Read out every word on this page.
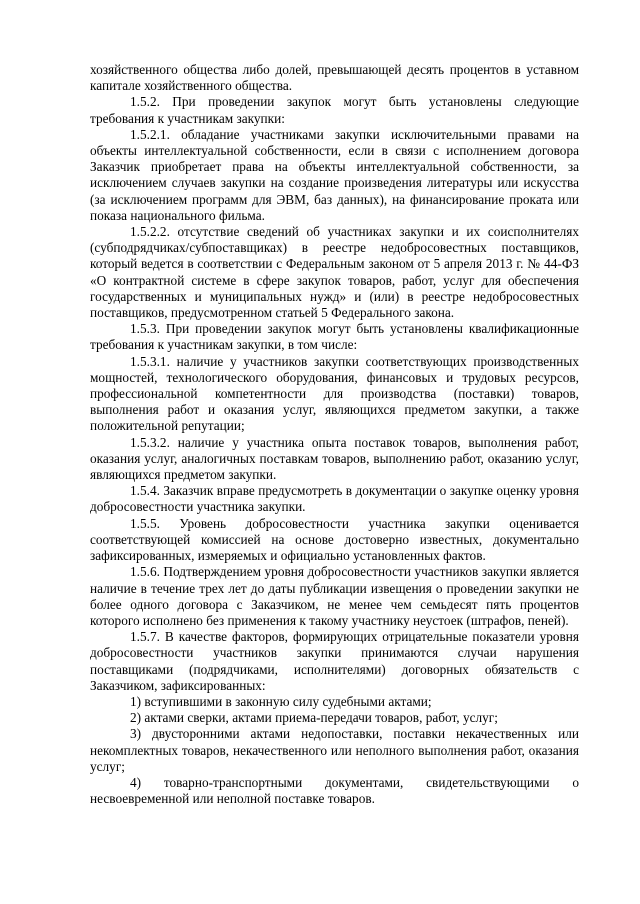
хозяйственного общества либо долей, превышающей десять процентов в уставном капитале хозяйственного общества.

1.5.2. При проведении закупок могут быть установлены следующие требования к участникам закупки:

1.5.2.1. обладание участниками закупки исключительными правами на объекты интеллектуальной собственности, если в связи с исполнением договора Заказчик приобретает права на объекты интеллектуальной собственности, за исключением случаев закупки на создание произведения литературы или искусства (за исключением программ для ЭВМ, баз данных), на финансирование проката или показа национального фильма.

1.5.2.2. отсутствие сведений об участниках закупки и их соисполнителях (субподрядчиках/субпоставщиках) в реестре недобросовестных поставщиков, который ведется в соответствии с Федеральным законом от 5 апреля 2013 г. № 44-ФЗ «О контрактной системе в сфере закупок товаров, работ, услуг для обеспечения государственных и муниципальных нужд» и (или) в реестре недобросовестных поставщиков, предусмотренном статьей 5 Федерального закона.

1.5.3. При проведении закупок могут быть установлены квалификационные требования к участникам закупки, в том числе:

1.5.3.1. наличие у участников закупки соответствующих производственных мощностей, технологического оборудования, финансовых и трудовых ресурсов, профессиональной компетентности для производства (поставки) товаров, выполнения работ и оказания услуг, являющихся предметом закупки, а также положительной репутации;

1.5.3.2. наличие у участника опыта поставок товаров, выполнения работ, оказания услуг, аналогичных поставкам товаров, выполнению работ, оказанию услуг, являющихся предметом закупки.

1.5.4. Заказчик вправе предусмотреть в документации о закупке оценку уровня добросовестности участника закупки.

1.5.5. Уровень добросовестности участника закупки оценивается соответствующей комиссией на основе достоверно известных, документально зафиксированных, измеряемых и официально установленных фактов.

1.5.6. Подтверждением уровня добросовестности участников закупки является наличие в течение трех лет до даты публикации извещения о проведении закупки не более одного договора с Заказчиком, не менее чем семьдесят пять процентов которого исполнено без применения к такому участнику неустоек (штрафов, пеней).

1.5.7. В качестве факторов, формирующих отрицательные показатели уровня добросовестности участников закупки принимаются случаи нарушения поставщиками (подрядчиками, исполнителями) договорных обязательств с Заказчиком, зафиксированных:

1) вступившими в законную силу судебными актами;

2) актами сверки, актами приема-передачи товаров, работ, услуг;

3) двусторонними актами недопоставки, поставки некачественных или некомплектных товаров, некачественного или неполного выполнения работ, оказания услуг;

4) товарно-транспортными документами, свидетельствующими о несвоевременной или неполной поставке товаров.
